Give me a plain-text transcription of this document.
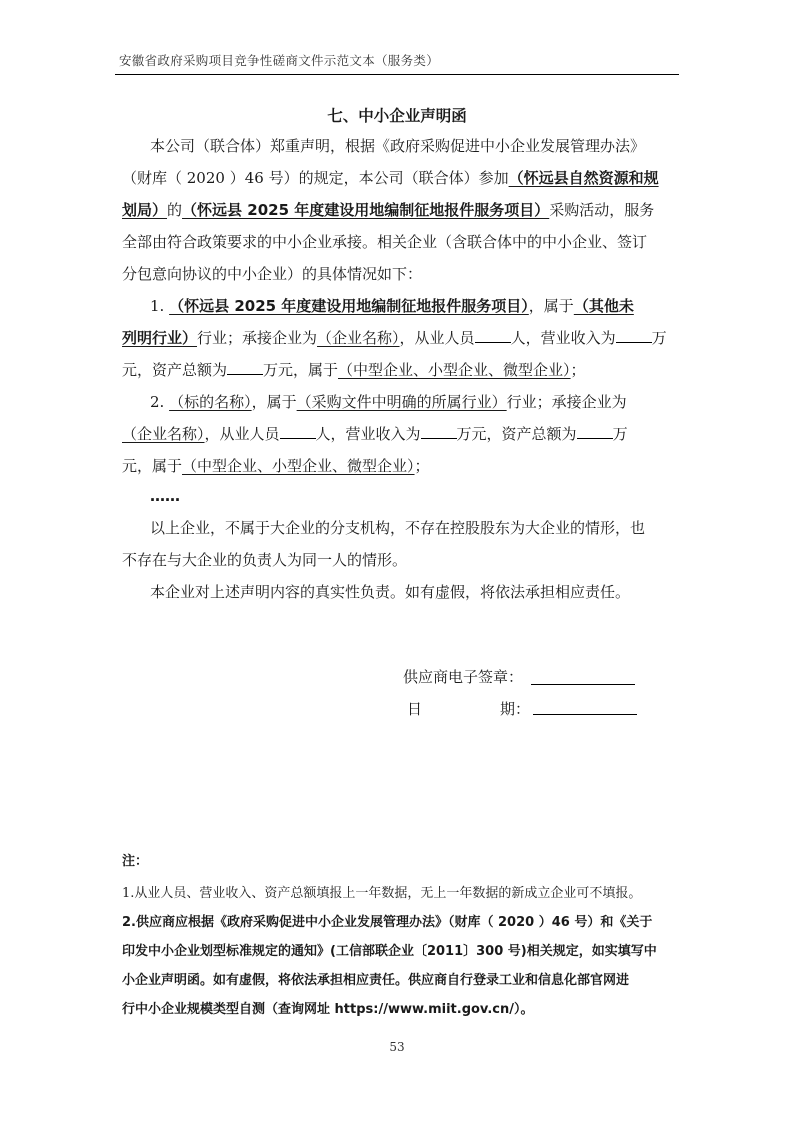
安徽省政府采购项目竞争性磋商文件示范文本（服务类）
七、中小企业声明函
本公司（联合体）郑重声明，根据《政府采购促进中小企业发展管理办法》
（财库（ 2020 ）46 号）的规定，本公司（联合体）参加（怀远县自然资源和规
划局）的（怀远县 2025 年度建设用地编制征地报件服务项目）采购活动，服务
全部由符合政策要求的中小企业承接。相关企业（含联合体中的中小企业、签订
分包意向协议的中小企业）的具体情况如下：
1. （怀远县 2025 年度建设用地编制征地报件服务项目），属于（其他未
列明行业）行业；承接企业为（企业名称），从业人员 人，营业收入为 万
元，资产总额为 万元，属于（中型企业、小型企业、微型企业）；
2. （标的名称），属于（采购文件中明确的所属行业）行业；承接企业为
（企业名称），从业人员 人，营业收入为 万元，资产总额为 万
元，属于（中型企业、小型企业、微型企业）；
……
以上企业，不属于大企业的分支机构，不存在控股股东为大企业的情形，也
不存在与大企业的负责人为同一人的情形。
本企业对上述声明内容的真实性负责。如有虚假，将依法承担相应责任。
供应商电子签章：
日	期：
注：
1.从业人员、营业收入、资产总额填报上一年数据，无上一年数据的新成立企业可不填报。
2.供应商应根据《政府采购促进中小企业发展管理办法》（财库（ 2020 ）46 号）和《关于
印发中小企业划型标准规定的通知》(工信部联企业〔2011〕300 号)相关规定，如实填写中
小企业声明函。如有虚假，将依法承担相应责任。供应商自行登录工业和信息化部官网进
行中小企业规模类型自测（查询网址 https://www.miit.gov.cn/）。
53
